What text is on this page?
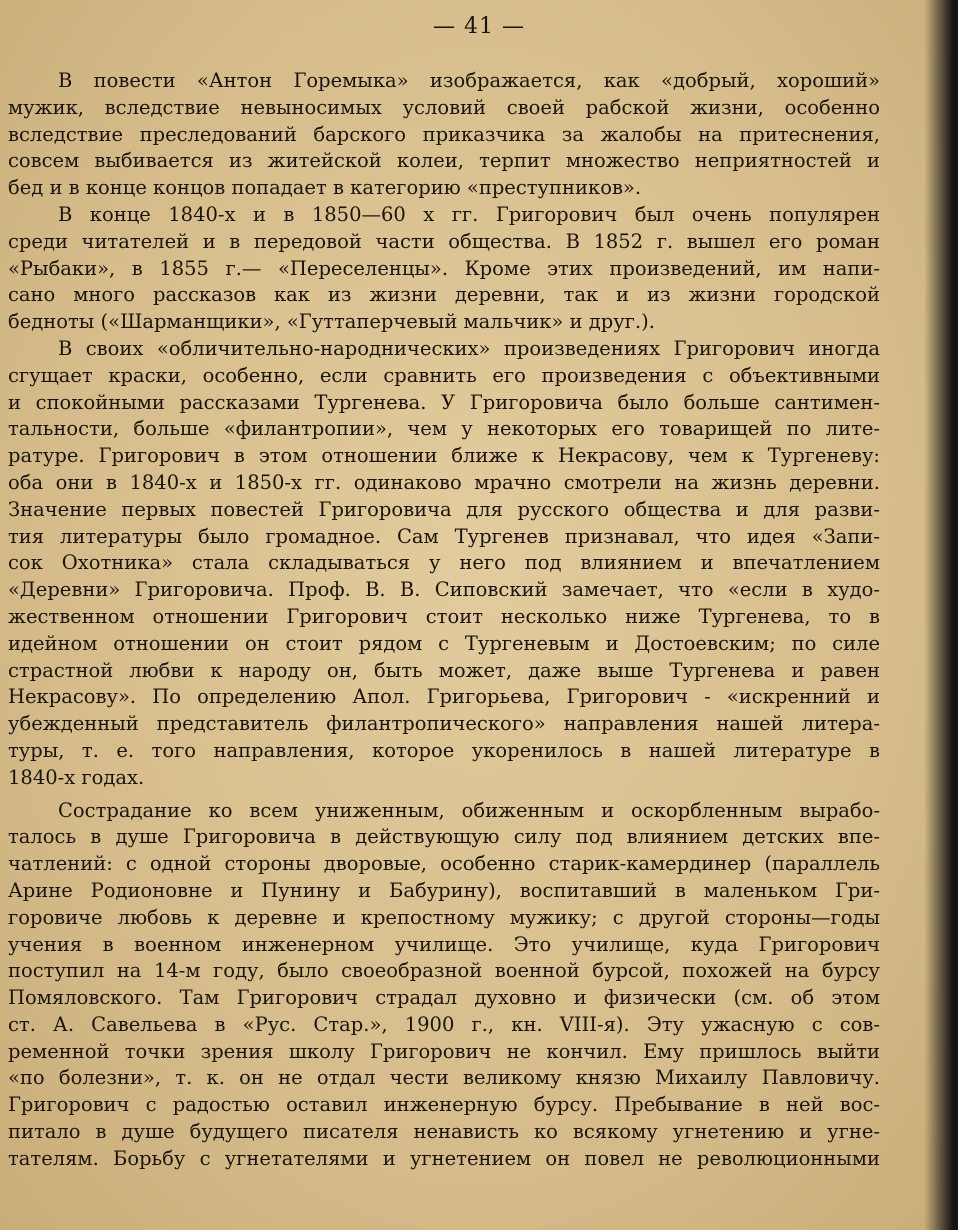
— 41 —
В повести «Антон Горемыка» изображается, как «добрый, хороший»
мужик, вследствие невыносимых условий своей рабской жизни, особенно
вследствие преследований барского приказчика за жалобы на притеснения,
совсем выбивается из житейской колеи, терпит множество неприятностей и
бед и в конце концов попадает в категорию «преступников».
В конце 1840-х и в 1850—60 х гг. Григорович был очень популярен
среди читателей и в передовой части общества. В 1852 г. вышел его роман
«Рыбаки», в 1855 г.— «Переселенцы». Кроме этих произведений, им напи-
сано много рассказов как из жизни деревни, так и из жизни городской
бедноты («Шарманщики», «Гуттаперчевый мальчик» и друг.).
В своих «обличительно-народнических» произведениях Григорович иногда
сгущает краски, особенно, если сравнить его произведения с объективными
и спокойными рассказами Тургенева. У Григоровича было больше сантимен-
тальности, больше «филантропии», чем у некоторых его товарищей по лите-
ратуре. Григорович в этом отношении ближе к Некрасову, чем к Тургеневу:
оба они в 1840-х и 1850-х гг. одинаково мрачно смотрели на жизнь деревни.
Значение первых повестей Григоровича для русского общества и для разви-
тия литературы было громадное. Сам Тургенев признавал, что идея «Запи-
сок Охотника» стала складываться у него под влиянием и впечатлением
«Деревни» Григоровича. Проф. В. В. Сиповский замечает, что «если в худо-
жественном отношении Григорович стоит несколько ниже Тургенева, то в
идейном отношении он стоит рядом с Тургеневым и Достоевским; по силе
страстной любви к народу он, быть может, даже выше Тургенева и равен
Некрасову». По определению Апол. Григорьева, Григорович - «искренний и
убежденный представитель филантропического» направления нашей литера-
туры, т. е. того направления, которое укоренилось в нашей литературе в
1840-х годах.
Сострадание ко всем униженным, обиженным и оскорбленным вырабо-
талось в душе Григоровича в действующую силу под влиянием детских впе-
чатлений: с одной стороны дворовые, особенно старик-камердинер (параллель
Арине Родионовне и Пунину и Бабурину), воспитавший в маленьком Гри-
горовиче любовь к деревне и крепостному мужику; с другой стороны—годы
учения в военном инженерном училище. Это училище, куда Григорович
поступил на 14-м году, было своеобразной военной бурсой, похожей на бурсу
Помяловского. Там Григорович страдал духовно и физически (см. об этом
ст. А. Савельева в «Рус. Стар.», 1900 г., кн. VIII-я). Эту ужасную с сов-
ременной точки зрения школу Григорович не кончил. Ему пришлось выйти
«по болезни», т. к. он не отдал чести великому князю Михаилу Павловичу.
Григорович с радостью оставил инженерную бурсу. Пребывание в ней вос-
питало в душе будущего писателя ненависть ко всякому угнетению и угне-
тателям. Борьбу с угнетателями и угнетением он повел не революционными
